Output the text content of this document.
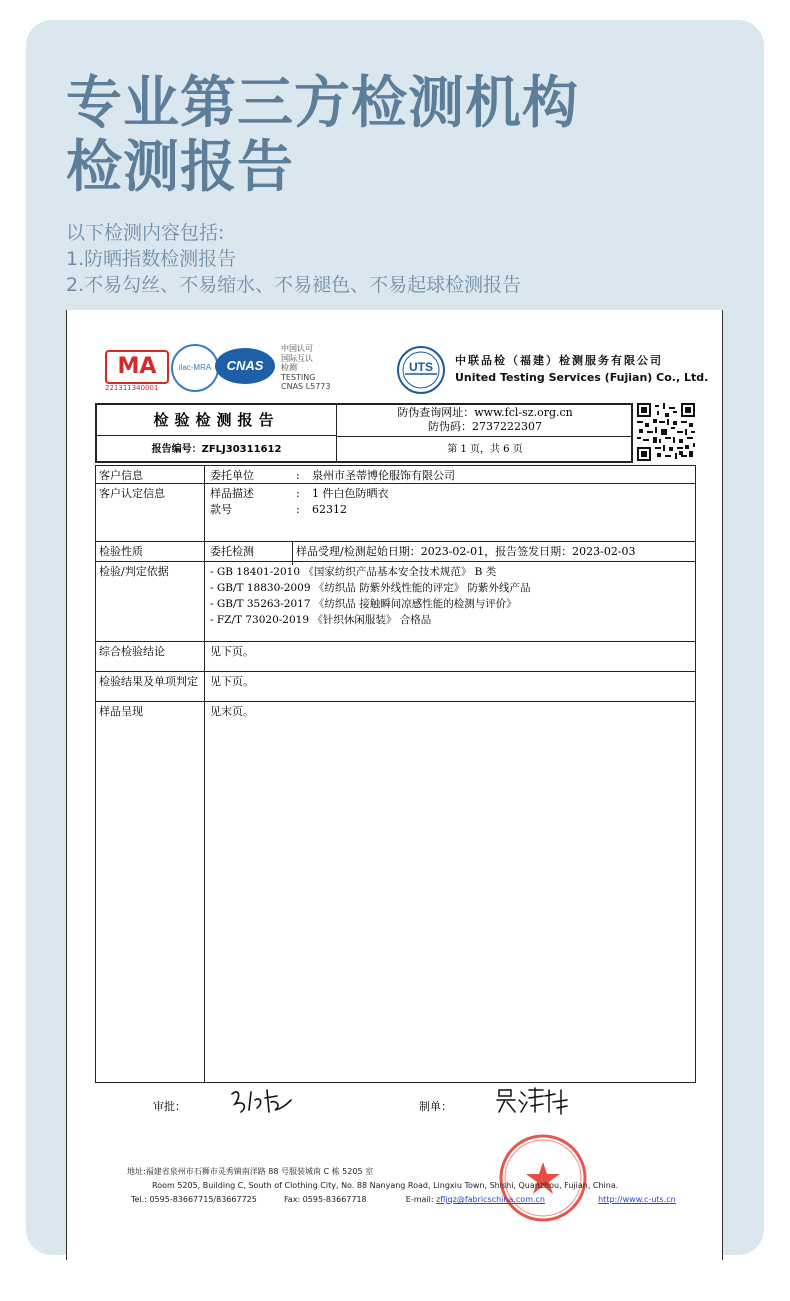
专业第三方检测机构
检测报告
以下检测内容包括:
1.防晒指数检测报告
2.不易勾丝、不易缩水、不易褪色、不易起球检测报告
MA
221311340001
ilac-MRA	CNAS
中国认可
国际互认
检测
TESTING
CNAS L5773
UTS 中联品检（福建）检测服务有限公司
United Testing Services (Fujian) Co., Ltd.
检验检测报告	防伪查询网址：www.fcl-sz.org.cn
防伪码：2737222307
报告编号：ZFLJ30311612	第 1 页，共 6 页
客户信息	委托单位	: 泉州市圣蒂博伦服饰有限公司
客户认定信息	样品描述	: 1 件白色防晒衣
款号	: 62312
检验性质	委托检测	样品受理/检测起始日期：2023-02-01，报告签发日期：2023-02-03
检验/判定依据	- GB 18401-2010 《国家纺织产品基本安全技术规范》 B 类
- GB/T 18830-2009 《纺织品 防紫外线性能的评定》 防紫外线产品
- GB/T 35263-2017 《纺织品 接触瞬间凉感性能的检测与评价》
- FZ/T 73020-2019 《针织休闲服装》 合格品
综合检验结论	见下页。
检验结果及单项判定	见下页。
样品呈现	见末页。
审批：	制单：
地址:福建省泉州市石狮市灵秀镇南洋路 88 号服装城南 C 栋 5205 室
Room 5205, Building C, South of Clothing City, No. 88 Nanyang Road, Lingxiu Town, Shishi, Quanzhou, Fujian, China.
Tel.: 0595-83667715/83667725	Fax: 0595-83667718	E-mail: zfljqz@fabricschina.com.cn	http://www.c-uts.cn
